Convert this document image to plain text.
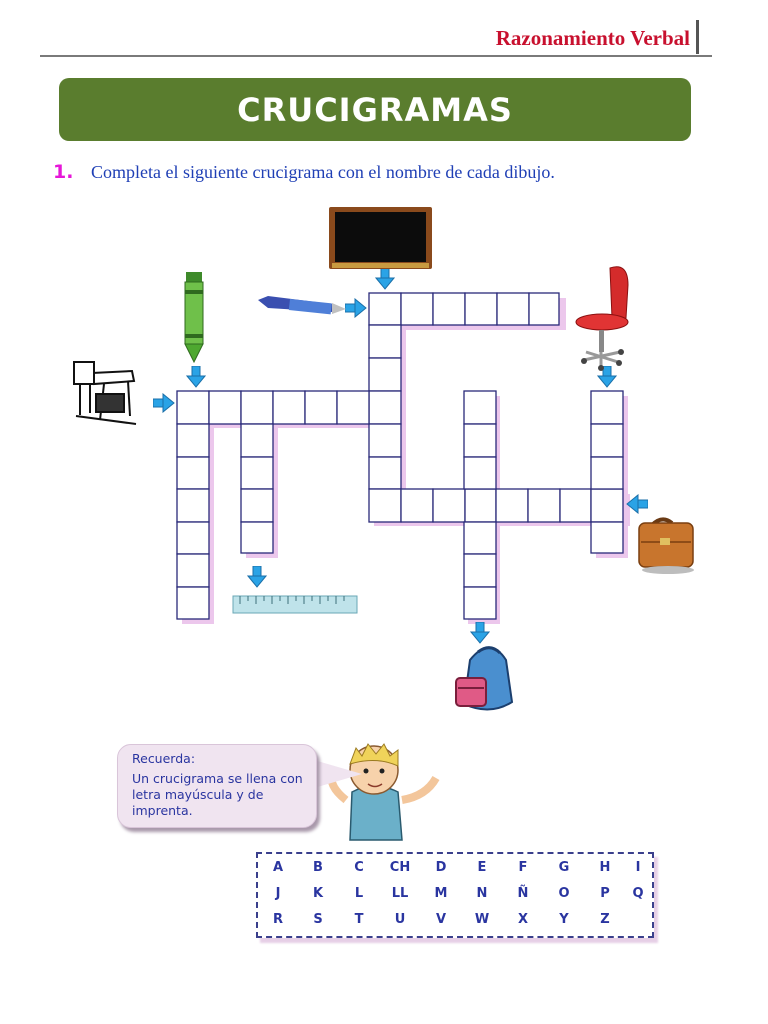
Razonamiento Verbal
CRUCIGRAMAS
1. Completa el siguiente crucigrama con el nombre de cada dibujo.
Recuerda:
Un crucigrama se llena con letra mayúscula y de imprenta.
A	B	C	CH	D	E	F	G	H	I
J	K	L	LL	M	N	Ñ	O	P	Q
R	S	T	U	V	W	X	Y	Z
